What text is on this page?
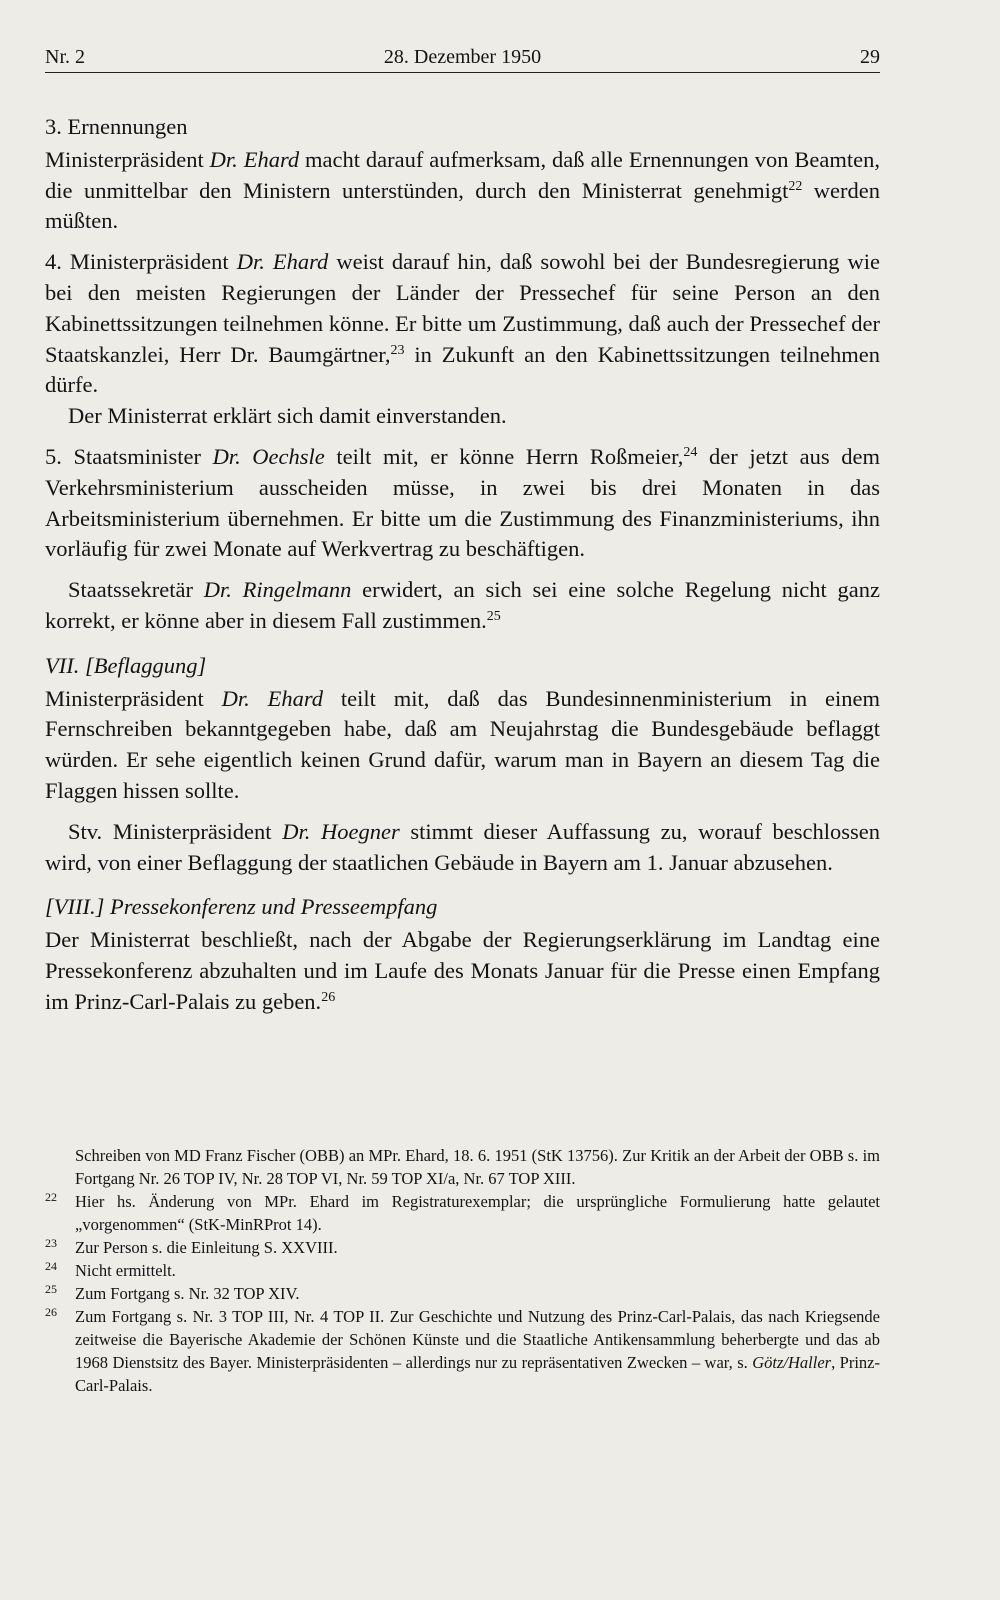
Nr. 2	28. Dezember 1950	29
3. Ernennungen

Ministerpräsident Dr. Ehard macht darauf aufmerksam, daß alle Ernennungen von Beamten, die unmittelbar den Ministern unterstünden, durch den Ministerrat genehmigt$^{22}$ werden müßten.

4. Ministerpräsident Dr. Ehard weist darauf hin, daß sowohl bei der Bundesregierung wie bei den meisten Regierungen der Länder der Pressechef für seine Person an den Kabinettssitzungen teilnehmen könne. Er bitte um Zustimmung, daß auch der Pressechef der Staatskanzlei, Herr Dr. Baumgärtner,$^{23}$ in Zukunft an den Kabinettssitzungen teilnehmen dürfe.

Der Ministerrat erklärt sich damit einverstanden.

5. Staatsminister Dr. Oechsle teilt mit, er könne Herrn Roßmeier,$^{24}$ der jetzt aus dem Verkehrsministerium ausscheiden müsse, in zwei bis drei Monaten in das Arbeitsministerium übernehmen. Er bitte um die Zustimmung des Finanzministeriums, ihn vorläufig für zwei Monate auf Werkvertrag zu beschäftigen.

Staatssekretär Dr. Ringelmann erwidert, an sich sei eine solche Regelung nicht ganz korrekt, er könne aber in diesem Fall zustimmen.$^{25}$

VII. [Beflaggung]

Ministerpräsident Dr. Ehard teilt mit, daß das Bundesinnenministerium in einem Fernschreiben bekanntgegeben habe, daß am Neujahrstag die Bundesgebäude beflaggt würden. Er sehe eigentlich keinen Grund dafür, warum man in Bayern an diesem Tag die Flaggen hissen sollte.

Stv. Ministerpräsident Dr. Hoegner stimmt dieser Auffassung zu, worauf beschlossen wird, von einer Beflaggung der staatlichen Gebäude in Bayern am 1. Januar abzusehen.

[VIII.] Pressekonferenz und Presseempfang

Der Ministerrat beschließt, nach der Abgabe der Regierungserklärung im Landtag eine Pressekonferenz abzuhalten und im Laufe des Monats Januar für die Presse einen Empfang im Prinz-Carl-Palais zu geben.$^{26}$

Schreiben von MD Franz Fischer (OBB) an MPr. Ehard, 18. 6. 1951 (StK 13756). Zur Kritik an der Arbeit der OBB s. im Fortgang Nr. 26 TOP IV, Nr. 28 TOP VI, Nr. 59 TOP XI/a, Nr. 67 TOP XIII.

22	Hier hs. Änderung von MPr. Ehard im Registraturexemplar; die ursprüngliche Formulierung hatte gelautet „vorgenommen“ (StK-MinRProt 14).
23	Zur Person s. die Einleitung S. XXVIII.
24	Nicht ermittelt.
25	Zum Fortgang s. Nr. 32 TOP XIV.
26	Zum Fortgang s. Nr. 3 TOP III, Nr. 4 TOP II. Zur Geschichte und Nutzung des Prinz-Carl-Palais, das nach Kriegsende zeitweise die Bayerische Akademie der Schönen Künste und die Staatliche Antikensammlung beherbergte und das ab 1968 Dienstsitz des Bayer. Ministerpräsidenten – allerdings nur zu repräsentativen Zwecken – war, s. Götz/Haller, Prinz-Carl-Palais.
